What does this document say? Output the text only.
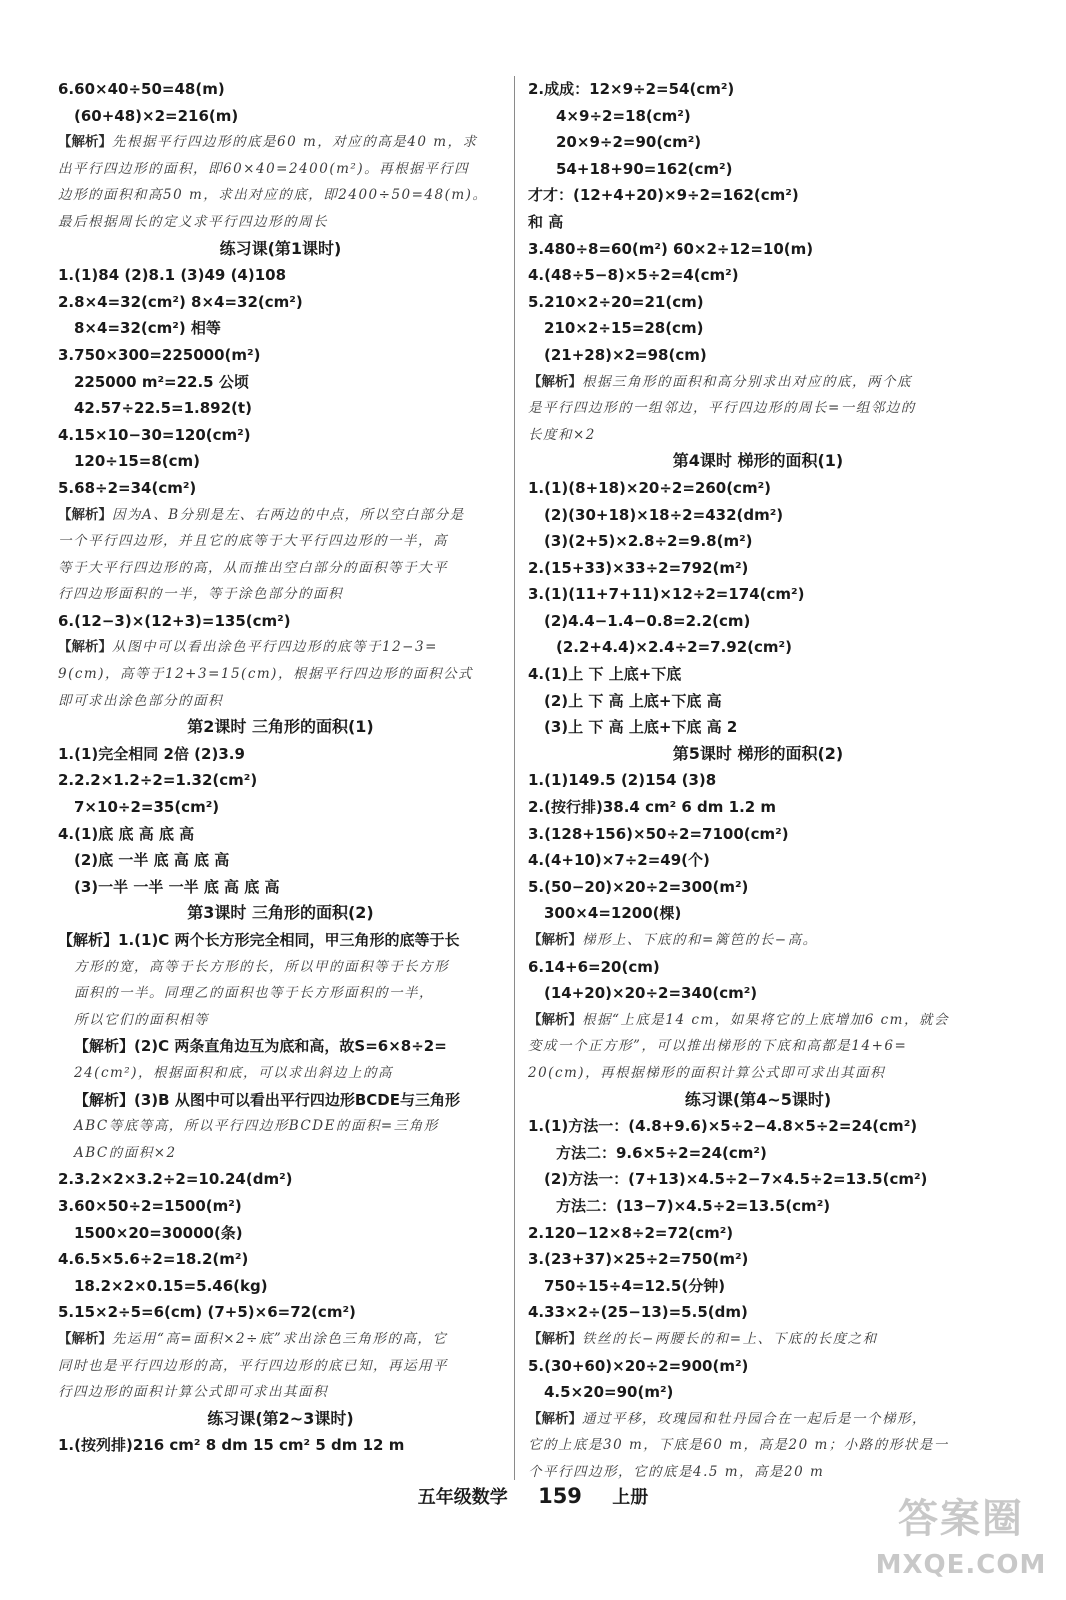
6.60×40÷50=48(m)
(60+48)×2=216(m)
【解析】先根据平行四边形的底是60 m，对应的高是40 m，求
出平行四边形的面积，即60×40=2400(m²)。再根据平行四
边形的面积和高50 m，求出对应的底，即2400÷50=48(m)。
最后根据周长的定义求平行四边形的周长
练习课(第1课时)
1.(1)84 (2)8.1 (3)49 (4)108
2.8×4=32(cm²) 8×4=32(cm²)
8×4=32(cm²) 相等
3.750×300=225000(m²)
225000 m²=22.5 公顷
42.57÷22.5=1.892(t)
4.15×10−30=120(cm²)
120÷15=8(cm)
5.68÷2=34(cm²)
【解析】因为A、B分别是左、右两边的中点，所以空白部分是
一个平行四边形，并且它的底等于大平行四边形的一半，高
等于大平行四边形的高，从而推出空白部分的面积等于大平
行四边形面积的一半，等于涂色部分的面积
6.(12−3)×(12+3)=135(cm²)
【解析】从图中可以看出涂色平行四边形的底等于12−3=
9(cm)，高等于12+3=15(cm)，根据平行四边形的面积公式
即可求出涂色部分的面积
第2课时 三角形的面积(1)
1.(1)完全相同 2倍 (2)3.9
2.2.2×1.2÷2=1.32(cm²)
7×10÷2=35(cm²)
4.(1)底 底 高 底 高
(2)底 一半 底 高 底 高
(3)一半 一半 一半 底 高 底 高
第3课时 三角形的面积(2)
【解析】1.(1)C 两个长方形完全相同，甲三角形的底等于长
方形的宽，高等于长方形的长，所以甲的面积等于长方形
面积的一半。同理乙的面积也等于长方形面积的一半，
所以它们的面积相等
【解析】(2)C 两条直角边互为底和高，故S=6×8÷2=
24(cm²)，根据面积和底，可以求出斜边上的高
【解析】(3)B 从图中可以看出平行四边形BCDE与三角形
ABC等底等高，所以平行四边形BCDE的面积=三角形
ABC的面积×2
2.3.2×2×3.2÷2=10.24(dm²)
3.60×50÷2=1500(m²)
1500×20=30000(条)
4.6.5×5.6÷2=18.2(m²)
18.2×2×0.15=5.46(kg)
5.15×2÷5=6(cm) (7+5)×6=72(cm²)
【解析】先运用“高=面积×2÷底”求出涂色三角形的高，它
同时也是平行四边形的高，平行四边形的底已知，再运用平
行四边形的面积计算公式即可求出其面积
练习课(第2~3课时)
1.(按列排)216 cm² 8 dm 15 cm² 5 dm 12 m
2.成成：12×9÷2=54(cm²)
4×9÷2=18(cm²)
20×9÷2=90(cm²)
54+18+90=162(cm²)
才才：(12+4+20)×9÷2=162(cm²)
和 高
3.480÷8=60(m²) 60×2÷12=10(m)
4.(48÷5−8)×5÷2=4(cm²)
5.210×2÷20=21(cm)
210×2÷15=28(cm)
(21+28)×2=98(cm)
【解析】根据三角形的面积和高分别求出对应的底，两个底
是平行四边形的一组邻边，平行四边形的周长=一组邻边的
长度和×2
第4课时 梯形的面积(1)
1.(1)(8+18)×20÷2=260(cm²)
(2)(30+18)×18÷2=432(dm²)
(3)(2+5)×2.8÷2=9.8(m²)
2.(15+33)×33÷2=792(m²)
3.(1)(11+7+11)×12÷2=174(cm²)
(2)4.4−1.4−0.8=2.2(cm)
(2.2+4.4)×2.4÷2=7.92(cm²)
4.(1)上 下 上底+下底
(2)上 下 高 上底+下底 高
(3)上 下 高 上底+下底 高 2
第5课时 梯形的面积(2)
1.(1)149.5 (2)154 (3)8
2.(按行排)38.4 cm² 6 dm 1.2 m
3.(128+156)×50÷2=7100(cm²)
4.(4+10)×7÷2=49(个)
5.(50−20)×20÷2=300(m²)
300×4=1200(棵)
【解析】梯形上、下底的和=篱笆的长−高。
6.14+6=20(cm)
(14+20)×20÷2=340(cm²)
【解析】根据“上底是14 cm，如果将它的上底增加6 cm，就会
变成一个正方形”，可以推出梯形的下底和高都是14+6=
20(cm)，再根据梯形的面积计算公式即可求出其面积
练习课(第4~5课时)
1.(1)方法一：(4.8+9.6)×5÷2−4.8×5÷2=24(cm²)
方法二：9.6×5÷2=24(cm²)
(2)方法一：(7+13)×4.5÷2−7×4.5÷2=13.5(cm²)
方法二：(13−7)×4.5÷2=13.5(cm²)
2.120−12×8÷2=72(cm²)
3.(23+37)×25÷2=750(m²)
750÷15÷4=12.5(分钟)
4.33×2÷(25−13)=5.5(dm)
【解析】铁丝的长−两腰长的和=上、下底的长度之和
5.(30+60)×20÷2=900(m²)
4.5×20=90(m²)
【解析】通过平移，玫瑰园和牡丹园合在一起后是一个梯形，
它的上底是30 m，下底是60 m，高是20 m；小路的形状是一
个平行四边形，它的底是4.5 m，高是20 m
五年级数学 159 上册	答案圈
MXQE.COM
